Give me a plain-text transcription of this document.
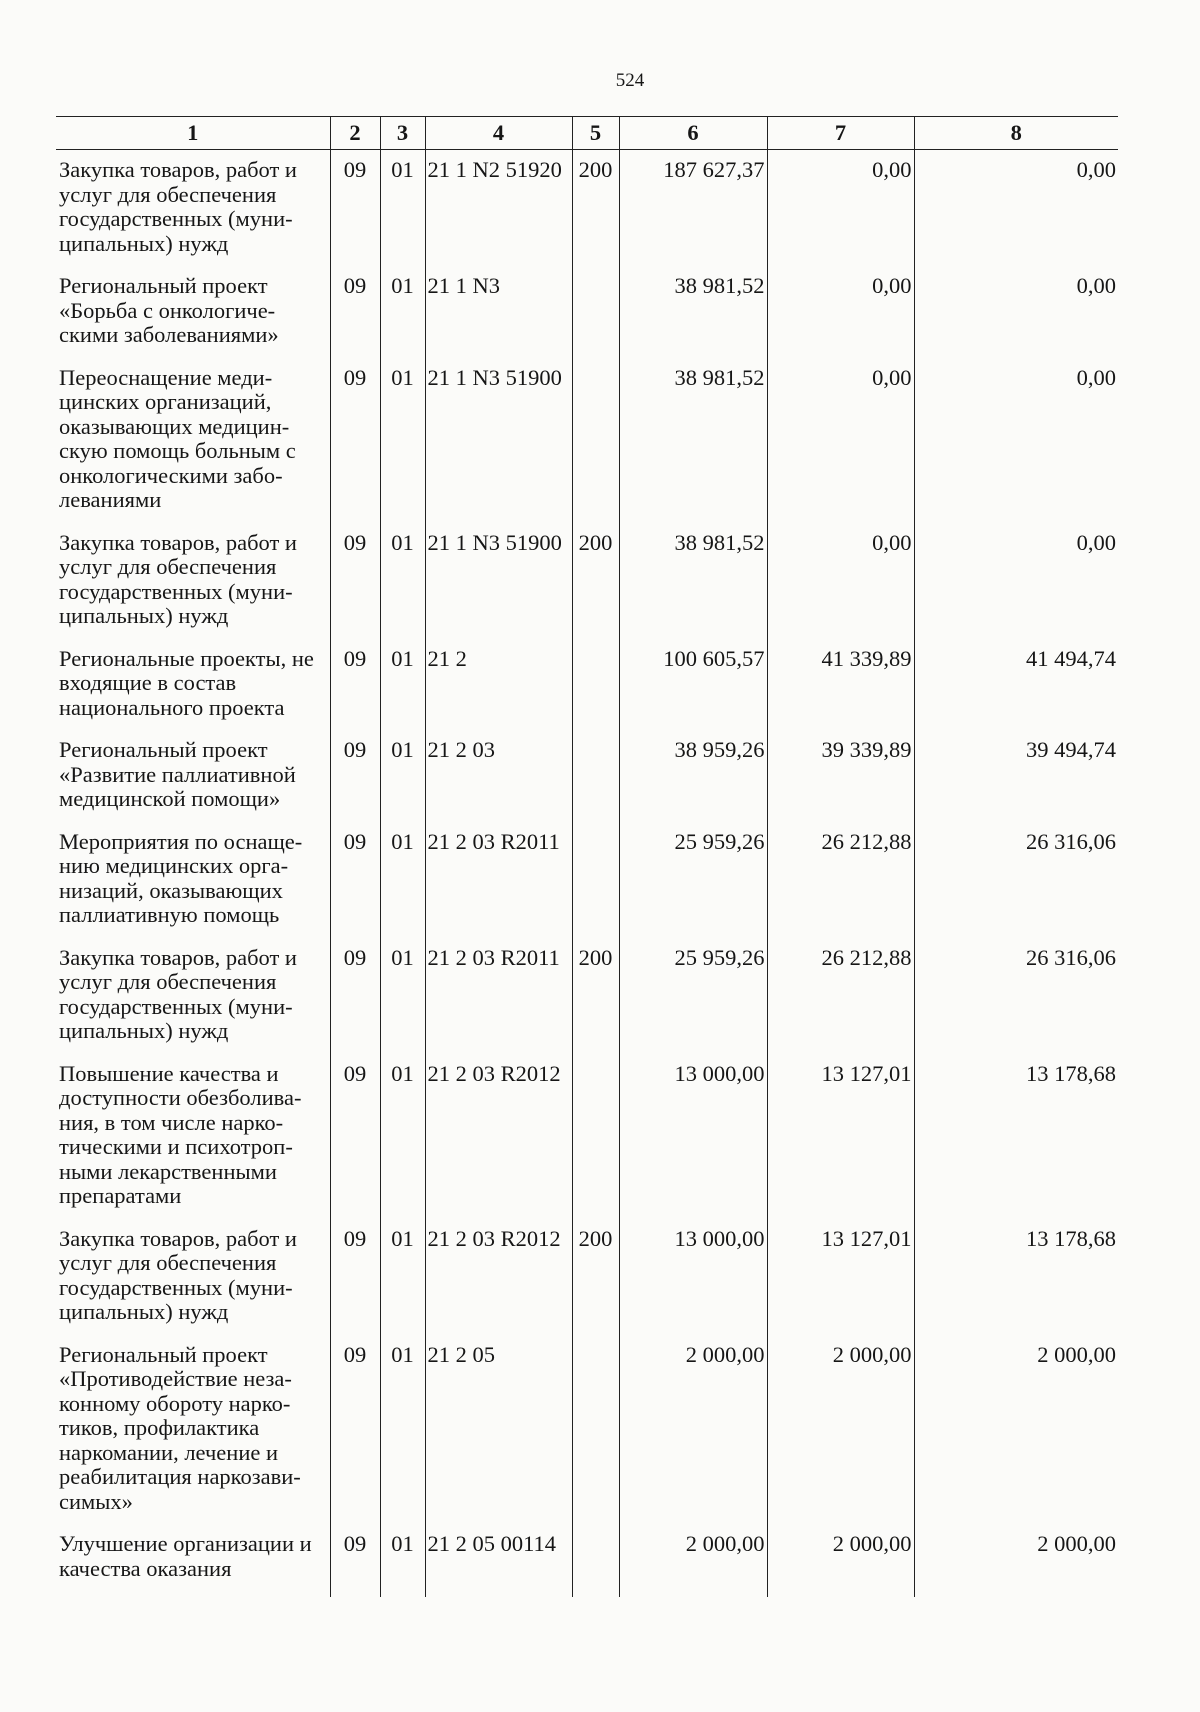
524
1	2	3	4	5	6	7	8
Закупка товаров, работ и услуг для обеспечения государственных (муни-ципальных) нужд	09	01	21 1 N2 51920	200	187 627,37	0,00	0,00
Региональный проект «Борьба с онкологиче-скими заболеваниями»	09	01	21 1 N3		38 981,52	0,00	0,00
Переоснащение меди-цинских организаций, оказывающих медицин-скую помощь больным с онкологическими забо-леваниями	09	01	21 1 N3 51900		38 981,52	0,00	0,00
Закупка товаров, работ и услуг для обеспечения государственных (муни-ципальных) нужд	09	01	21 1 N3 51900	200	38 981,52	0,00	0,00
Региональные проекты, не входящие в состав национального проекта	09	01	21 2		100 605,57	41 339,89	41 494,74
Региональный проект «Развитие паллиативной медицинской помощи»	09	01	21 2 03		38 959,26	39 339,89	39 494,74
Мероприятия по оснаще-нию медицинских орга-низаций, оказывающих паллиативную помощь	09	01	21 2 03 R2011		25 959,26	26 212,88	26 316,06
Закупка товаров, работ и услуг для обеспечения государственных (муни-ципальных) нужд	09	01	21 2 03 R2011	200	25 959,26	26 212,88	26 316,06
Повышение качества и доступности обезболива-ния, в том числе нарко-тическими и психотроп-ными лекарственными препаратами	09	01	21 2 03 R2012		13 000,00	13 127,01	13 178,68
Закупка товаров, работ и услуг для обеспечения государственных (муни-ципальных) нужд	09	01	21 2 03 R2012	200	13 000,00	13 127,01	13 178,68
Региональный проект «Противодействие неза-конному обороту нарко-тиков, профилактика наркомании, лечение и реабилитация наркозави-симых»	09	01	21 2 05		2 000,00	2 000,00	2 000,00
Улучшение организации и качества оказания	09	01	21 2 05 00114		2 000,00	2 000,00	2 000,00
